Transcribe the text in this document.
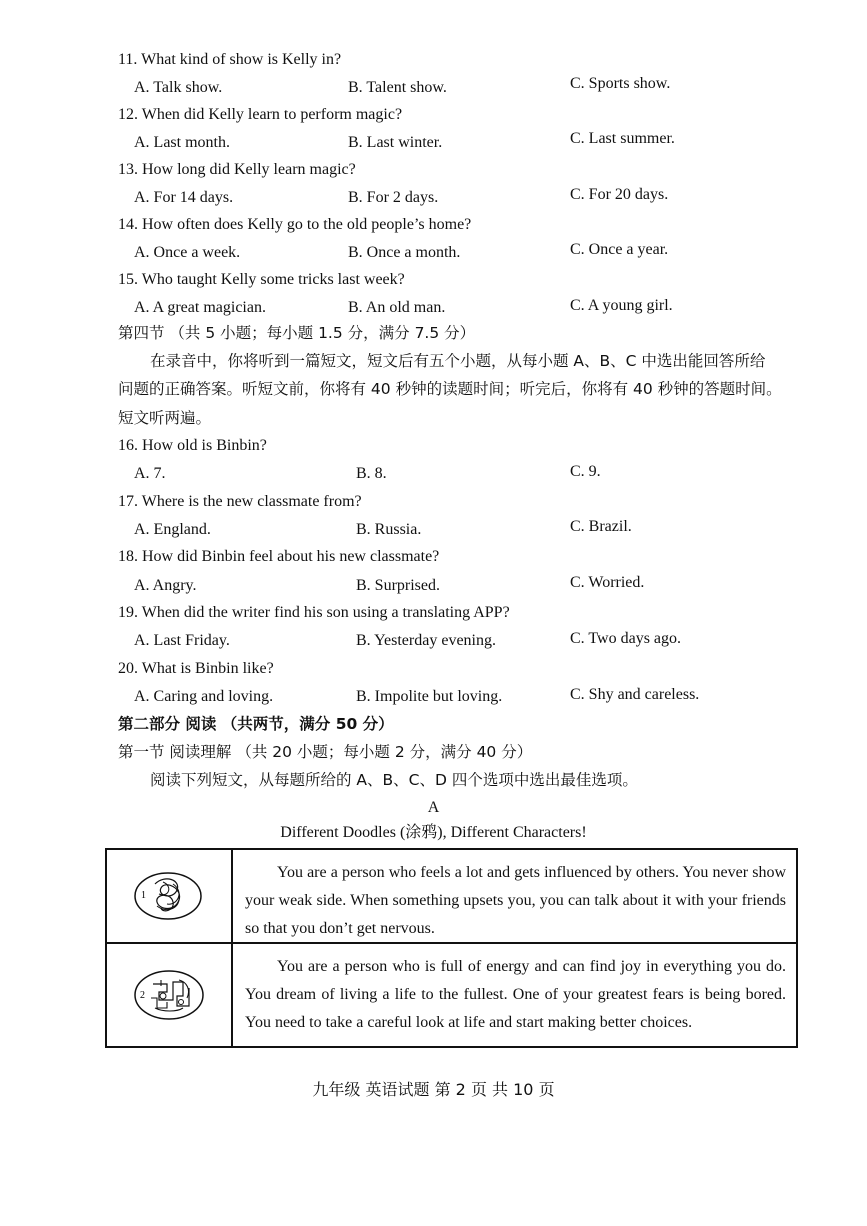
11. What kind of show is Kelly in?
A. Talk show.	B. Talent show.	C. Sports show.
12. When did Kelly learn to perform magic?
A. Last month.	B. Last winter.	C. Last summer.
13. How long did Kelly learn magic?
A. For 14 days.	B. For 2 days.	C. For 20 days.
14. How often does Kelly go to the old people’s home?
A. Once a week.	B. Once a month.	C. Once a year.
15. Who taught Kelly some tricks last week?
A. A great magician.	B. An old man.	C. A young girl.
第四节 （共 5 小题；每小题 1.5 分，满分 7.5 分）
在录音中，你将听到一篇短文，短文后有五个小题，从每小题 A、B、C 中选出能回答所给
问题的正确答案。听短文前，你将有 40 秒钟的读题时间；听完后，你将有 40 秒钟的答题时间。
短文听两遍。
16. How old is Binbin?
A. 7.	B. 8.	C. 9.
17. Where is the new classmate from?
A. England.	B. Russia.	C. Brazil.
18. How did Binbin feel about his new classmate?
A. Angry.	B. Surprised.	C. Worried.
19. When did the writer find his son using a translating APP?
A. Last Friday.	B. Yesterday evening.	C. Two days ago.
20. What is Binbin like?
A. Caring and loving.	B. Impolite but loving.	C. Shy and careless.
第二部分 阅读 （共两节，满分 50 分）
第一节 阅读理解 （共 20 小题；每小题 2 分，满分 40 分）
阅读下列短文，从每题所给的 A、B、C、D 四个选项中选出最佳选项。
A
Different Doodles (涂鸦), Different Characters!
1

You are a person who feels a lot and gets influenced by others. You never show your weak side. When something upsets you, you can talk about it with your friends so that you don’t get nervous.

2

You are a person who is full of energy and can find joy in everything you do. You dream of living a life to the fullest. One of your greatest fears is being bored. You need to take a careful look at life and start making better choices.

九年级 英语试题 第 2 页 共 10 页
